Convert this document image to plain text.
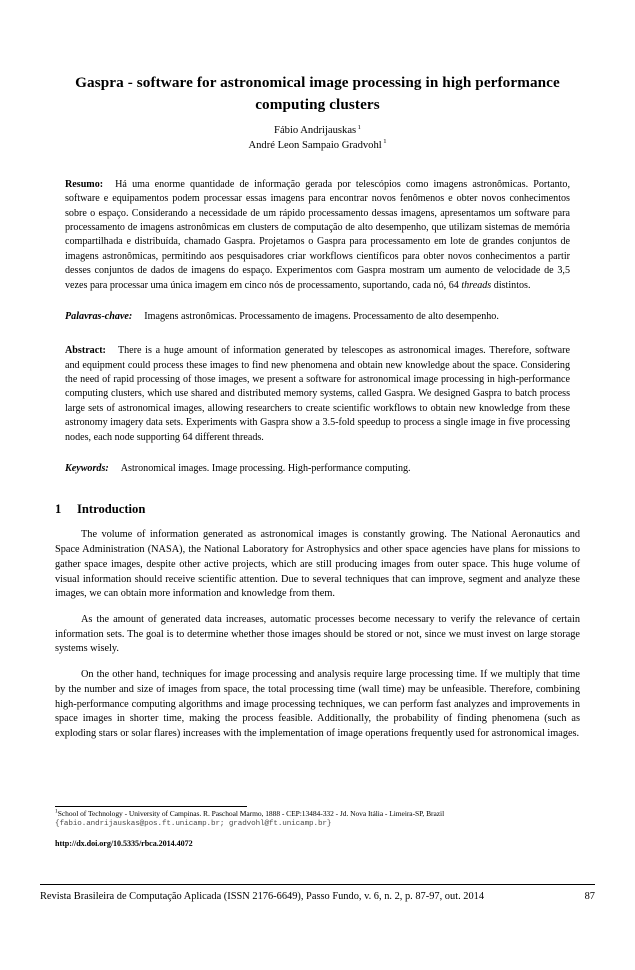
Gaspra - software for astronomical image processing in high performance computing clusters
Fábio Andrijauskas $^1$
André Leon Sampaio Gradvohl $^1$
Resumo: Há uma enorme quantidade de informação gerada por telescópios como imagens astronômicas. Portanto, software e equipamentos podem processar essas imagens para encontrar novos fenômenos e obter novos conhecimentos sobre o espaço. Considerando a necessidade de um rápido processamento dessas imagens, apresentamos um software para processamento de imagens astronômicas em clusters de computação de alto desempenho, que utilizam sistemas de memória compartilhada e distribuída, chamado Gaspra. Projetamos o Gaspra para processamento em lote de grandes conjuntos de imagens astronômicas, permitindo aos pesquisadores criar workflows científicos para obter novos conhecimentos a partir desses conjuntos de dados de imagens do espaço. Experimentos com Gaspra mostram um aumento de velocidade de 3,5 vezes para processar uma única imagem em cinco nós de processamento, suportando, cada nó, 64 threads distintos.
Palavras-chave: Imagens astronômicas. Processamento de imagens. Processamento de alto desempenho.
Abstract: There is a huge amount of information generated by telescopes as astronomical images. Therefore, software and equipment could process these images to find new phenomena and obtain new knowledge about the space. Considering the need of rapid processing of those images, we present a software for astronomical image processing in high-performance computing clusters, which use shared and distributed memory systems, called Gaspra. We designed Gaspra to batch process large sets of astronomical images, allowing researchers to create scientific workflows to obtain new knowledge from these astronomy imagery data sets. Experiments with Gaspra show a 3.5-fold speedup to process a single image in five processing nodes, each node supporting 64 different threads.
Keywords: Astronomical images. Image processing. High-performance computing.
1	Introduction

The volume of information generated as astronomical images is constantly growing. The National Aeronautics and Space Administration (NASA), the National Laboratory for Astrophysics and other space agencies have plans for missions to gather space images, despite other active projects, which are still producing images from outer space. This huge volume of visual information should receive scientific attention. Due to several techniques that can improve, segment and analyze these images, we can obtain more information and knowledge from them.

As the amount of generated data increases, automatic processes become necessary to verify the relevance of certain information sets. The goal is to determine whether those images should be stored or not, since we must invest on large storage systems wisely.

On the other hand, techniques for image processing and analysis require large processing time. If we multiply that time by the number and size of images from space, the total processing time (wall time) may be unfeasible. Therefore, combining high-performance computing algorithms and image processing techniques, we can perform fast analyzes and improvements in space images in shorter time, making the process feasible. Additionally, the probability of finding phenomena (such as exploding stars or solar flares) increases with the implementation of image operations frequently used for astronomical images.

$^1$School of Technology - University of Campinas. R. Paschoal Marmo, 1888 - CEP:13484-332 - Jd. Nova Itália - Limeira-SP, Brazil
{fabio.andrijauskas@pos.ft.unicamp.br; gradvohl@ft.unicamp.br}
http://dx.doi.org/10.5335/rbca.2014.4072
Revista Brasileira de Computação Aplicada (ISSN 2176-6649), Passo Fundo, v. 6, n. 2, p. 87-97, out. 2014	87
